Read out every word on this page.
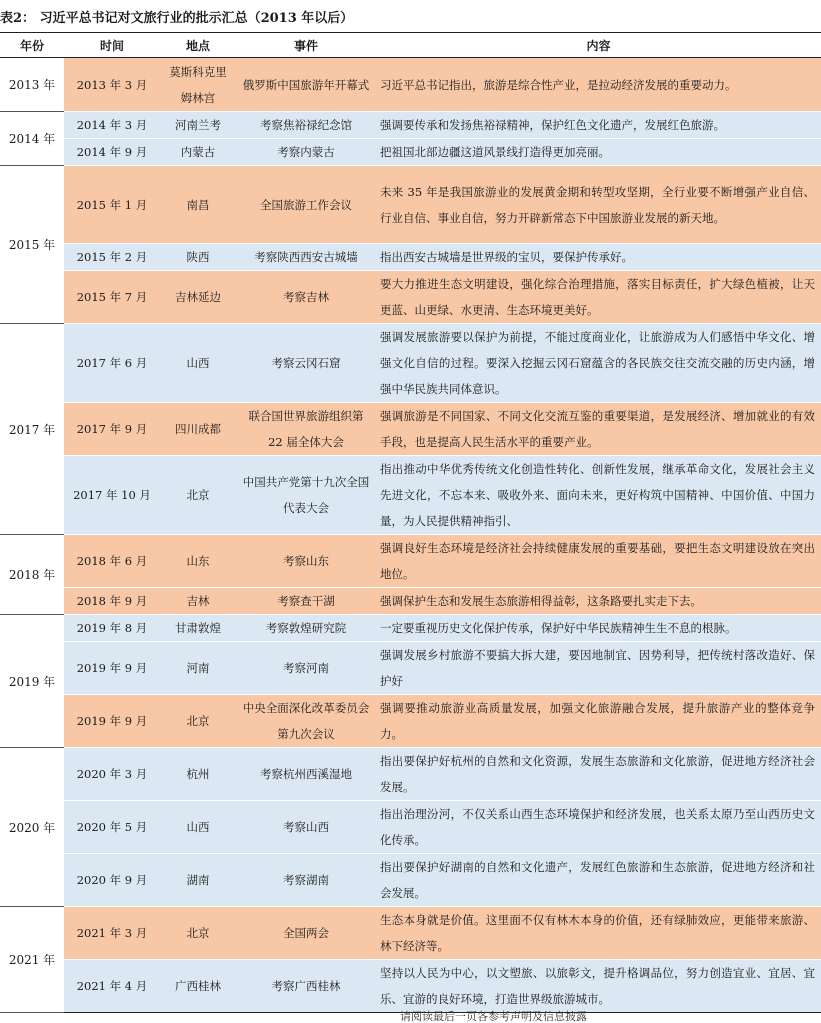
表2： 习近平总书记对文旅行业的批示汇总（2013 年以后）
年份	时间	地点	事件	内容
2013 年	2013 年 3 月	莫斯科克里姆林宫	俄罗斯中国旅游年开幕式	习近平总书记指出，旅游是综合性产业，是拉动经济发展的重要动力。
2014 年	2014 年 3 月	河南兰考	考察焦裕禄纪念馆	强调要传承和发扬焦裕禄精神，保护红色文化遗产，发展红色旅游。
	2014 年 9 月	内蒙古	考察内蒙古	把祖国北部边疆这道风景线打造得更加亮丽。
2015 年	2015 年 1 月	南昌	全国旅游工作会议	未来 35 年是我国旅游业的发展黄金期和转型攻坚期，全行业要不断增强产业自信、行业自信、事业自信，努力开辟新常态下中国旅游业发展的新天地。
	2015 年 2 月	陕西	考察陕西西安古城墙	指出西安古城墙是世界级的宝贝，要保护传承好。
	2015 年 7 月	吉林延边	考察吉林	要大力推进生态文明建设，强化综合治理措施，落实目标责任，扩大绿色植被，让天更蓝、山更绿、水更清、生态环境更美好。
2017 年	2017 年 6 月	山西	考察云冈石窟	强调发展旅游要以保护为前提，不能过度商业化，让旅游成为人们感悟中华文化、增强文化自信的过程。要深入挖掘云冈石窟蕴含的各民族交往交流交融的历史内涵，增强中华民族共同体意识。
	2017 年 9 月	四川成都	联合国世界旅游组织第 22 届全体大会	强调旅游是不同国家、不同文化交流互鉴的重要渠道，是发展经济、增加就业的有效手段，也是提高人民生活水平的重要产业。
	2017 年 10 月	北京	中国共产党第十九次全国代表大会	指出推动中华优秀传统文化创造性转化、创新性发展，继承革命文化，发展社会主义先进文化，不忘本来、吸收外来、面向未来，更好构筑中国精神、中国价值、中国力量，为人民提供精神指引、
2018 年	2018 年 6 月	山东	考察山东	强调良好生态环境是经济社会持续健康发展的重要基础，要把生态文明建设放在突出地位。
	2018 年 9 月	吉林	考察查干湖	强调保护生态和发展生态旅游相得益彰，这条路要扎实走下去。
2019 年	2019 年 8 月	甘肃敦煌	考察敦煌研究院	一定要重视历史文化保护传承，保护好中华民族精神生生不息的根脉。
	2019 年 9 月	河南	考察河南	强调发展乡村旅游不要搞大拆大建，要因地制宜、因势利导，把传统村落改造好、保护好
	2019 年 9 月	北京	中央全面深化改革委员会第九次会议	强调要推动旅游业高质量发展，加强文化旅游融合发展，提升旅游产业的整体竞争力。
2020 年	2020 年 3 月	杭州	考察杭州西溪湿地	指出要保护好杭州的自然和文化资源，发展生态旅游和文化旅游，促进地方经济社会发展。
	2020 年 5 月	山西	考察山西	指出治理汾河，不仅关系山西生态环境保护和经济发展，也关系太原乃至山西历史文化传承。
	2020 年 9 月	湖南	考察湖南	指出要保护好湖南的自然和文化遗产，发展红色旅游和生态旅游，促进地方经济和社会发展。
2021 年	2021 年 3 月	北京	全国两会	生态本身就是价值。这里面不仅有林木本身的价值，还有绿肺效应，更能带来旅游、林下经济等。
	2021 年 4 月	广西桂林	考察广西桂林	坚持以人民为中心，以文塑旅、以旅彰文，提升格调品位，努力创造宜业、宜居、宜乐、宜游的良好环境，打造世界级旅游城市。
请阅读最后一页各参考声明及信息披露
